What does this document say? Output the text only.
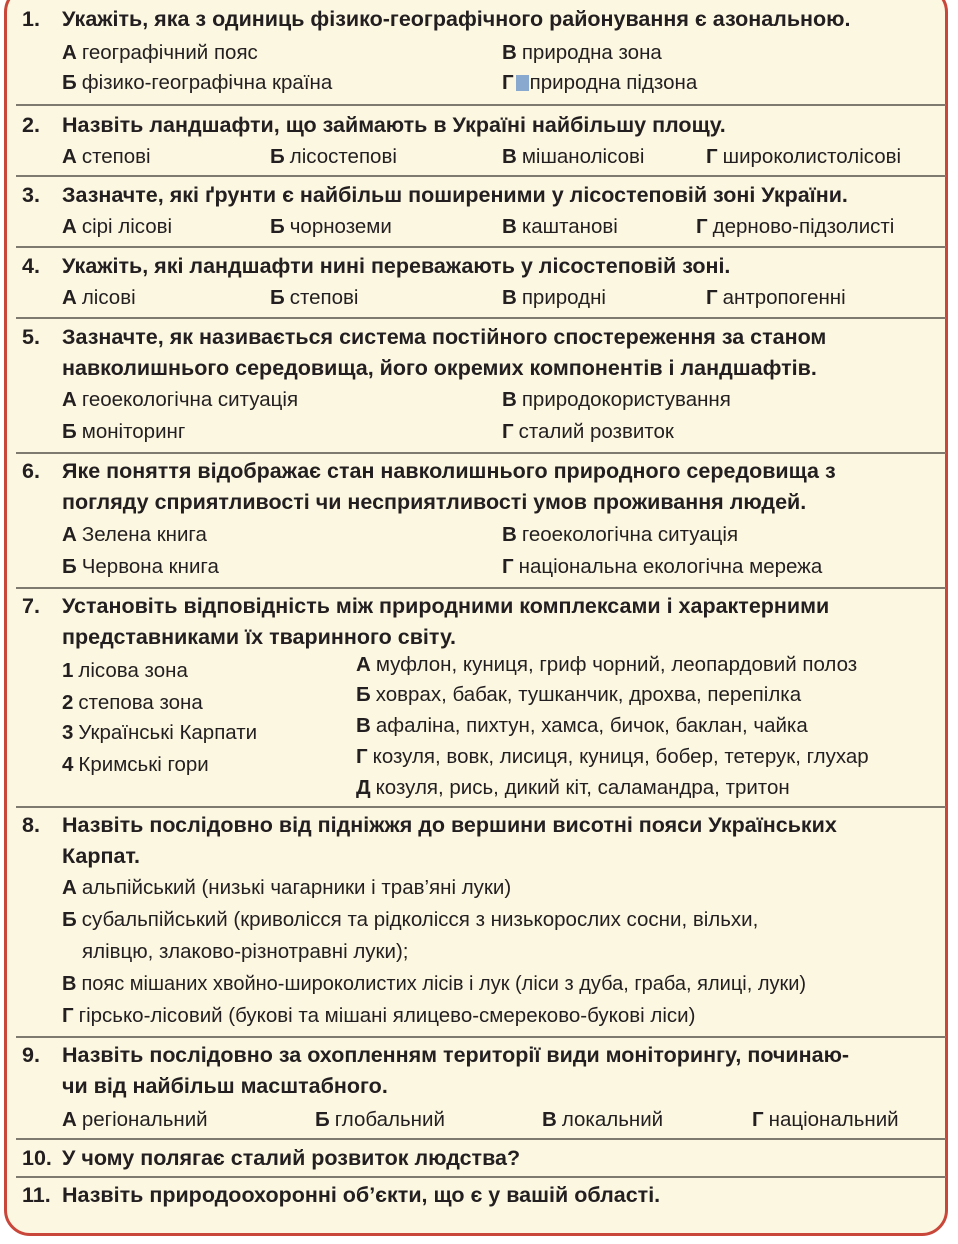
1. Укажіть, яка з одиниць фізико-географічного районування є азональною.
А географічний пояс	В природна зона
Б фізико-географічна країна	Г природна підзона
2. Назвіть ландшафти, що займають в Україні найбільшу площу.
А степові	Б лісостепові	В мішанолісові	Г широколистолісові
3. Зазначте, які ґрунти є найбільш поширеними у лісостеповій зоні України.
А сірі лісові	Б чорноземи	В каштанові	Г дерново-підзолисті
4. Укажіть, які ландшафти нині переважають у лісостеповій зоні.
А лісові	Б степові	В природні	Г антропогенні
5. Зазначте, як називається система постійного спостереження за станом
навколишнього середовища, його окремих компонентів і ландшафтів.
А геоекологічна ситуація	В природокористування
Б моніторинг	Г сталий розвиток
6. Яке поняття відображає стан навколишнього природного середовища з
погляду сприятливості чи несприятливості умов проживання людей.
А Зелена книга	В геоекологічна ситуація
Б Червона книга	Г національна екологічна мережа
7. Установіть відповідність між природними комплексами і характерними
представниками їх тваринного світу.
1 лісова зона
2 степова зона
3 Українські Карпати
4 Кримські гори
А муфлон, куниця, гриф чорний, леопардовий полоз
Б ховрах, бабак, тушканчик, дрохва, перепілка
В афаліна, пихтун, хамса, бичок, баклан, чайка
Г козуля, вовк, лисиця, куниця, бобер, тетерук, глухар
Д козуля, рись, дикий кіт, саламандра, тритон
8. Назвіть послідовно від підніжжя до вершини висотні пояси Українських
Карпат.
А альпійський (низькі чагарники і трав’яні луки)
Б субальпійський (криволісся та рідколісся з низькорослих сосни, вільхи,
ялівцю, злаково-різнотравні луки);
В пояс мішаних хвойно-широколистих лісів і лук (ліси з дуба, граба, ялиці, луки)
Г гірсько-лісовий (букові та мішані ялицево-смереково-букові ліси)
9. Назвіть послідовно за охопленням території види моніторингу, починаю-
чи від найбільш масштабного.
А регіональний	Б глобальний	В локальний	Г національний
10. У чому полягає сталий розвиток людства?
11. Назвіть природоохоронні об’єкти, що є у вашій області.
